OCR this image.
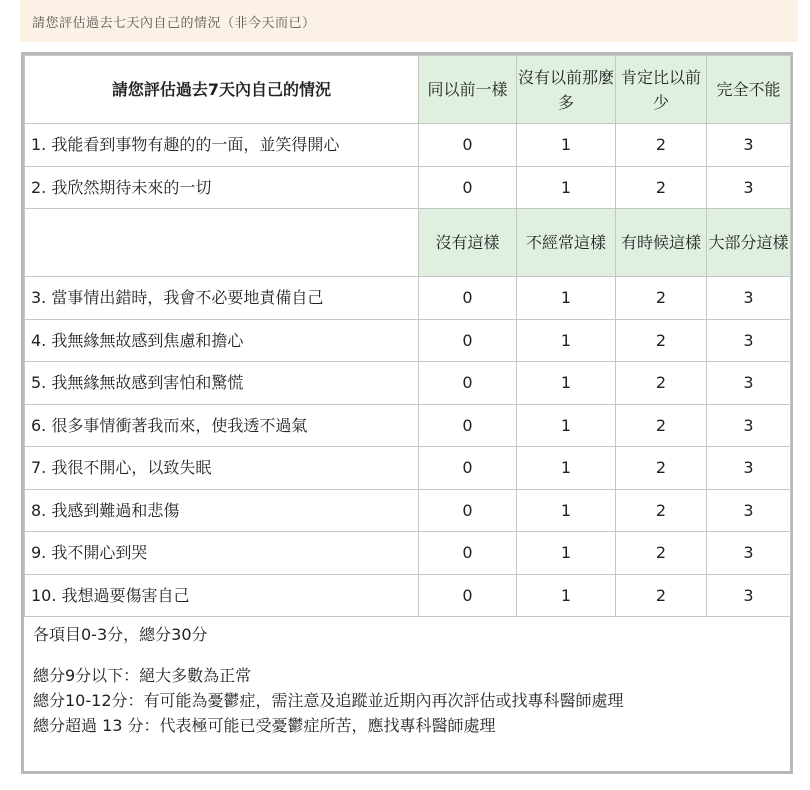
請您評估過去七天內自己的情況（非今天而已）
請您評估過去7天內自己的情況	同以前一樣	沒有以前那麼多	肯定比以前少	完全不能
1. 我能看到事物有趣的的一面，並笑得開心	0	1	2	3
2. 我欣然期待未來的一切	0	1	2	3
	沒有這樣	不經常這樣	有時候這樣	大部分這樣
3. 當事情出錯時，我會不必要地責備自己	0	1	2	3
4. 我無緣無故感到焦慮和擔心	0	1	2	3
5. 我無緣無故感到害怕和驚慌	0	1	2	3
6. 很多事情衝著我而來，使我透不過氣	0	1	2	3
7. 我很不開心，以致失眠	0	1	2	3
8. 我感到難過和悲傷	0	1	2	3
9. 我不開心到哭	0	1	2	3
10. 我想過要傷害自己	0	1	2	3
各項目0-3分，總分30分
總分9分以下：絕大多數為正常
總分10-12分：有可能為憂鬱症，需注意及追蹤並近期內再次評估或找專科醫師處理
總分超過 13 分：代表極可能已受憂鬱症所苦，應找專科醫師處理
